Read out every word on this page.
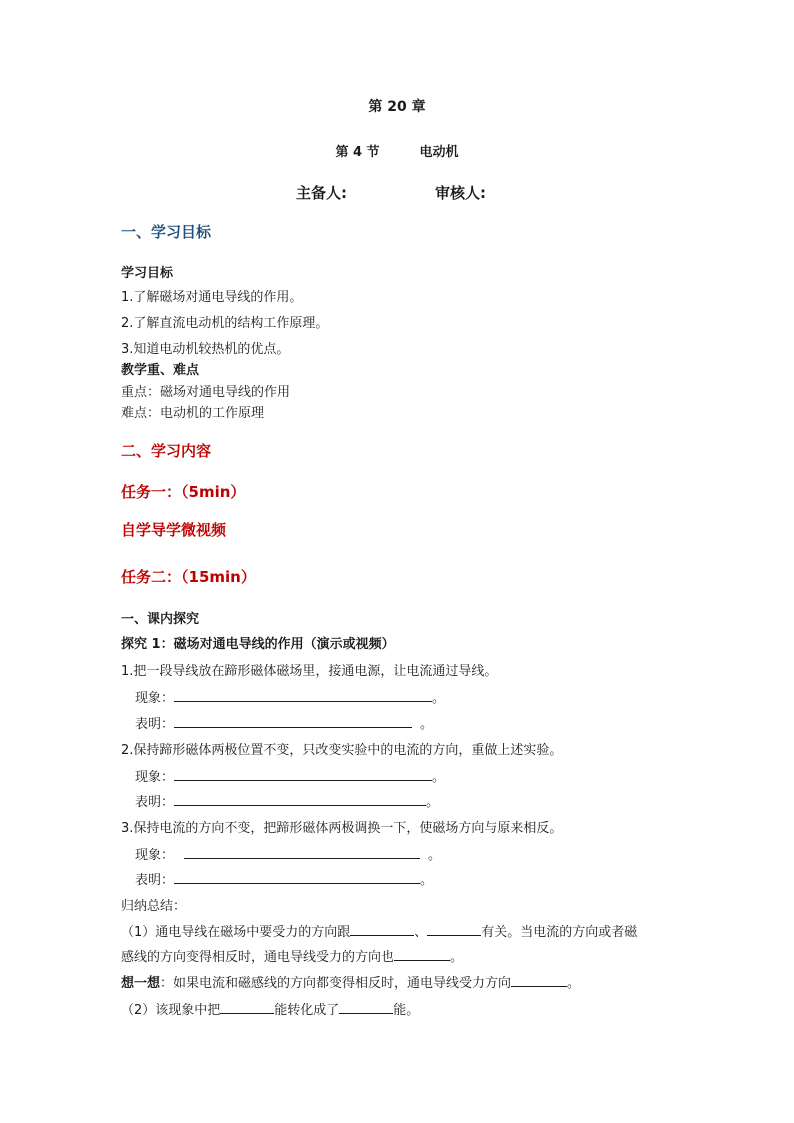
第 20 章
第 4 节	电动机
主备人:	审核人:
一、学习目标
学习目标
1.了解磁场对通电导线的作用。
2.了解直流电动机的结构工作原理。
3.知道电动机较热机的优点。
教学重、难点
重点：磁场对通电导线的作用
难点：电动机的工作原理
二、学习内容
任务一：（5min）
自学导学微视频
任务二：（15min）
一、课内探究
探究 1：磁场对通电导线的作用（演示或视频）
1.把一段导线放在蹄形磁体磁场里，接通电源，让电流通过导线。
现象：	。
表明：	。
2.保持蹄形磁体两极位置不变，只改变实验中的电流的方向，重做上述实验。
现象：	。
表明：	。
3.保持电流的方向不变，把蹄形磁体两极调换一下，使磁场方向与原来相反。
现象：	。
表明：	。
归纳总结：
（1）通电导线在磁场中要受力的方向跟	、	有关。当电流的方向或者磁
感线的方向变得相反时，通电导线受力的方向也	。
想一想：如果电流和磁感线的方向都变得相反时，通电导线受力方向	。
（2）该现象中把	能转化成了	能。
